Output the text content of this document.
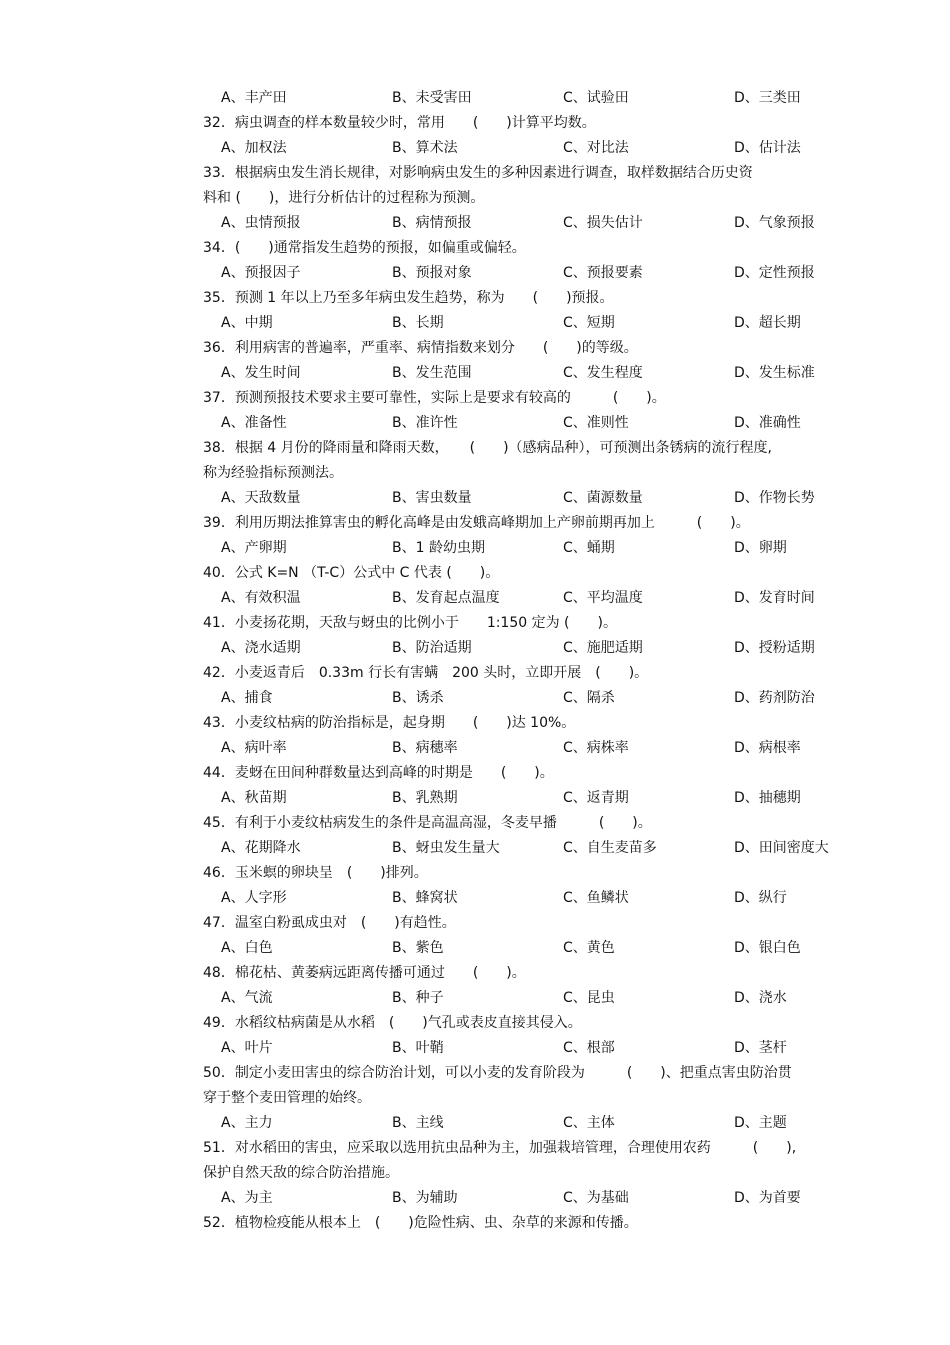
A、丰产田	B、未受害田	C、试验田	D、三类田
32．病虫调查的样本数量较少时，常用　　(　　)计算平均数。
A、加权法	B、算术法	C、对比法	D、估计法
33．根据病虫发生消长规律，对影响病虫发生的多种因素进行调查，取样数据结合历史资
料和 (　　)，进行分析估计的过程称为预测。
A、虫情预报	B、病情预报	C、损失估计	D、气象预报
34．(　　)通常指发生趋势的预报，如偏重或偏轻。
A、预报因子	B、预报对象	C、预报要素	D、定性预报
35．预测 1 年以上乃至多年病虫发生趋势，称为　　(　　)预报。
A、中期	B、长期	C、短期	D、超长期
36．利用病害的普遍率，严重率、病情指数来划分　　(　　)的等级。
A、发生时间	B、发生范围	C、发生程度	D、发生标准
37．预测预报技术要求主要可靠性，实际上是要求有较高的　　　(　　)。
A、准备性	B、准许性	C、准则性	D、准确性
38．根据 4 月份的降雨量和降雨天数，　　(　　)（感病品种），可预测出条锈病的流行程度,
称为经验指标预测法。
A、天敌数量	B、害虫数量	C、菌源数量	D、作物长势
39．利用历期法推算害虫的孵化高峰是由发蛾高峰期加上产卵前期再加上　　　(　　)。
A、产卵期	B、1 龄幼虫期	C、蛹期	D、卵期
40．公式 K=N （T-C）公式中 C 代表 (　　)。
A、有效积温	B、发育起点温度	C、平均温度	D、发育时间
41．小麦扬花期，天敌与蚜虫的比例小于　　1:150 定为 (　　)。
A、浇水适期	B、防治适期	C、施肥适期	D、授粉适期
42．小麦返青后　0.33m 行长有害螨　200 头时，立即开展　(　　)。
A、捕食	B、诱杀	C、隔杀	D、药剂防治
43．小麦纹枯病的防治指标是，起身期　　(　　)达 10%。
A、病叶率	B、病穗率	C、病株率	D、病根率
44．麦蚜在田间种群数量达到高峰的时期是　　(　　)。
A、秋苗期	B、乳熟期	C、返青期	D、抽穗期
45．有利于小麦纹枯病发生的条件是高温高湿，冬麦早播　　　(　　)。
A、花期降水	B、蚜虫发生量大	C、自生麦苗多	D、田间密度大
46．玉米螟的卵块呈　(　　)排列。
A、人字形	B、蜂窝状	C、鱼鳞状	D、纵行
47．温室白粉虱成虫对　(　　)有趋性。
A、白色	B、紫色	C、黄色	D、银白色
48．棉花枯、黄萎病远距离传播可通过　　(　　)。
A、气流	B、种子	C、昆虫	D、浇水
49．水稻纹枯病菌是从水稻　(　　)气孔或表皮直接其侵入。
A、叶片	B、叶鞘	C、根部	D、茎杆
50．制定小麦田害虫的综合防治计划，可以小麦的发育阶段为　　　(　　)、把重点害虫防治贯
穿于整个麦田管理的始终。
A、主力	B、主线	C、主体	D、主题
51．对水稻田的害虫，应采取以选用抗虫品种为主，加强栽培管理，合理使用农药　　　(　　),
保护自然天敌的综合防治措施。
A、为主	B、为辅助	C、为基础	D、为首要
52．植物检疫能从根本上　(　　)危险性病、虫、杂草的来源和传播。
